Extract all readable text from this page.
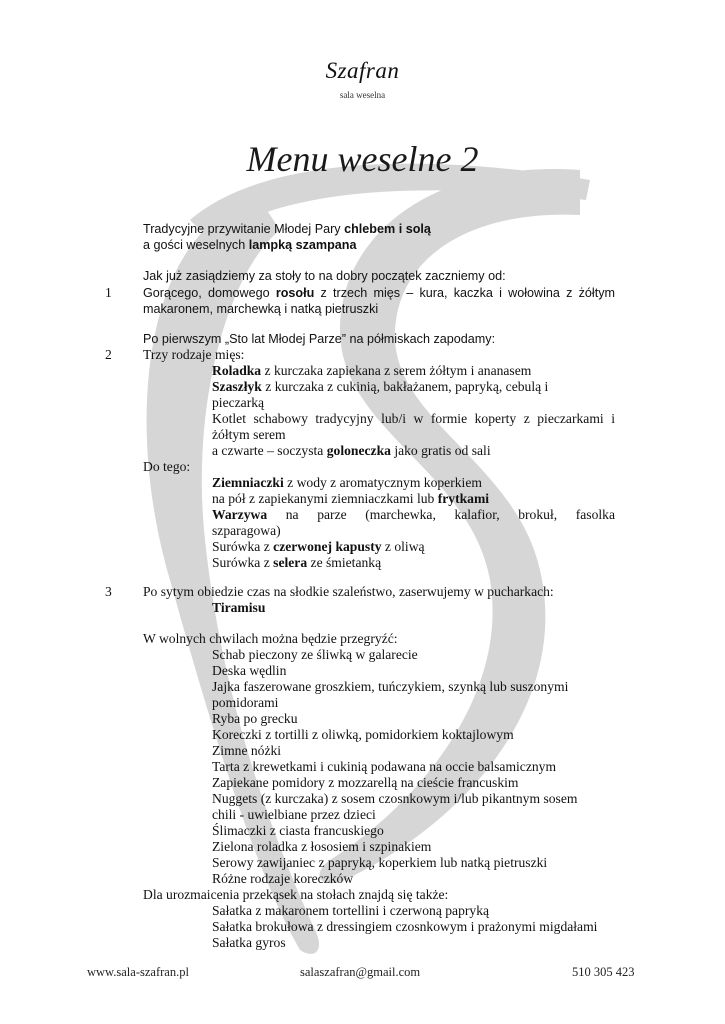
Szafran
sala weselna
Menu weselne 2
Tradycyjne przywitanie Młodej Pary chlebem i solą
a gości weselnych lampką szampana
Jak już zasiądziemy za stoły to na dobry początek zaczniemy od:
1 Gorącego, domowego rosołu z trzech mięs – kura, kaczka i wołowina z żółtym
makaronem, marchewką i natką pietruszki
Po pierwszym „Sto lat Młodej Parze” na półmiskach zapodamy:
2 Trzy rodzaje mięs:
Roladka z kurczaka zapiekana z serem żółtym i ananasem
Szaszłyk z kurczaka z cukinią, bakłażanem, papryką, cebulą i
pieczarką
Kotlet schabowy tradycyjny lub/i w formie koperty z pieczarkami i
żółtym serem
a czwarte – soczysta goloneczka jako gratis od sali
Do tego:
Ziemniaczki z wody z aromatycznym koperkiem
na pół z zapiekanymi ziemniaczkami lub frytkami
Warzywa na parze (marchewka, kalafior, brokuł, fasolka
szparagowa)
Surówka z czerwonej kapusty z oliwą
Surówka z selera ze śmietanką
3 Po sytym obiedzie czas na słodkie szaleństwo, zaserwujemy w pucharkach:
Tiramisu
W wolnych chwilach można będzie przegryźć:
Schab pieczony ze śliwką w galarecie
Deska wędlin
Jajka faszerowane groszkiem, tuńczykiem, szynką lub suszonymi
pomidorami
Ryba po grecku
Koreczki z tortilli z oliwką, pomidorkiem koktajlowym
Zimne nóżki
Tarta z krewetkami i cukinią podawana na occie balsamicznym
Zapiekane pomidory z mozzarellą na cieście francuskim
Nuggets (z kurczaka) z sosem czosnkowym i/lub pikantnym sosem
chili - uwielbiane przez dzieci
Ślimaczki z ciasta francuskiego
Zielona roladka z łososiem i szpinakiem
Serowy zawijaniec z papryką, koperkiem lub natką pietruszki
Różne rodzaje koreczków
Dla urozmaicenia przekąsek na stołach znajdą się także:
Sałatka z makaronem tortellini i czerwoną papryką
Sałatka brokułowa z dressingiem czosnkowym i prażonymi migdałami
Sałatka gyros
www.sala-szafran.pl	salaszafran@gmail.com	510 305 423
